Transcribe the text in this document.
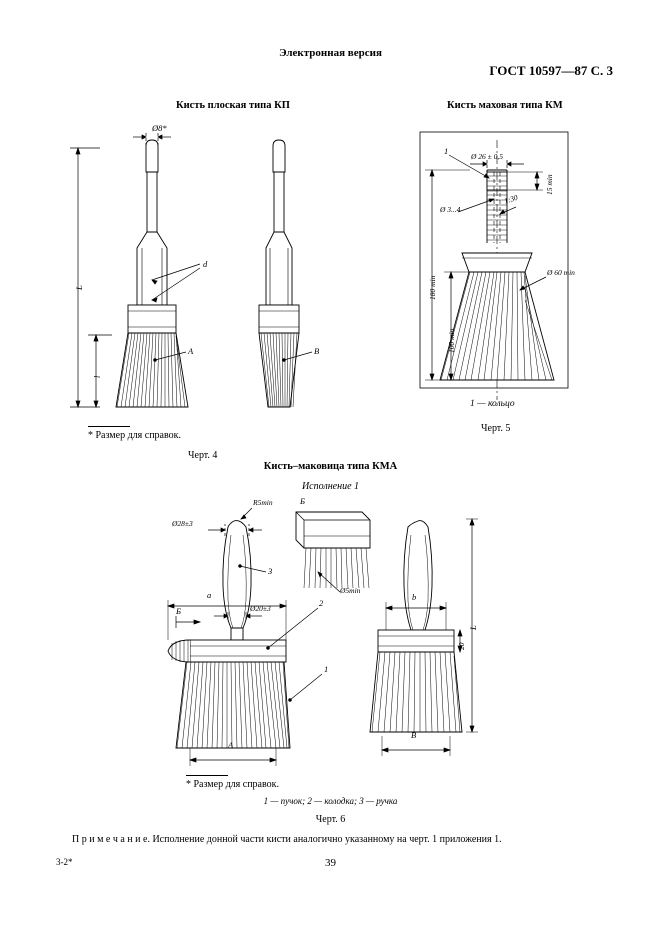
Электронная версия
ГОСТ 10597—87 С. 3
Кисть плоская типа КП	Кисть маховая типа КМ
Ø8*
L
l
d
A	B
* Размер для справок.
Черт. 4
1
Ø 26 ± 0,5
15 min
Ø 3...4
1:30
180 min
100 min
Ø 60 min
1 — кольцо
Черт. 5
Кисть–маковица типа КМА
Исполнение 1
R5min
Ø28±3
Ø20±3
Ø5min
3
2
1
Б
Б
a	b
A
B
L
20
* Размер для справок.
1 — пучок; 2 — колодка; 3 — ручка
Черт. 6
П р и м е ч а н и е. Исполнение донной части кисти аналогично указанному на черт. 1 приложения 1.
3-2*	39
